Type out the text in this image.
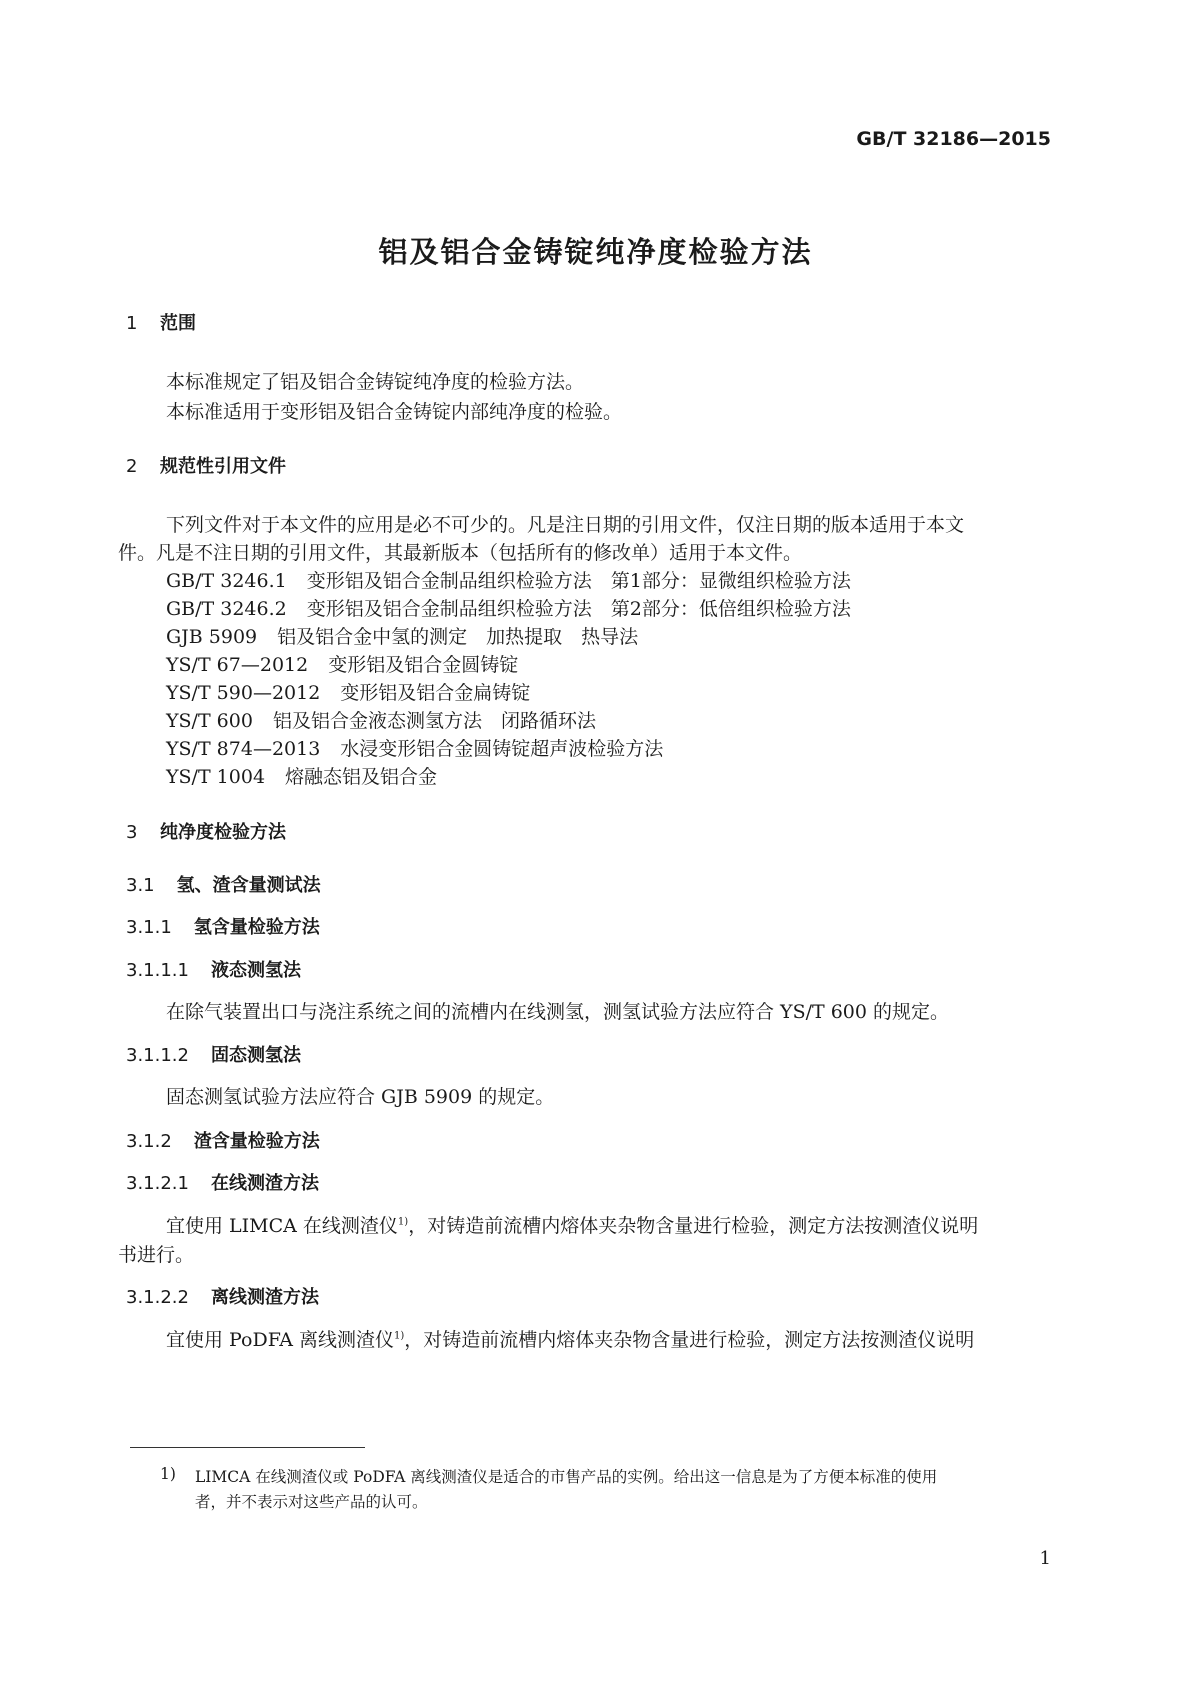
GB/T 32186—2015
铝及铝合金铸锭纯净度检验方法
1 范围
本标准规定了铝及铝合金铸锭纯净度的检验方法。
本标准适用于变形铝及铝合金铸锭内部纯净度的检验。
2 规范性引用文件
下列文件对于本文件的应用是必不可少的。凡是注日期的引用文件，仅注日期的版本适用于本文
件。凡是不注日期的引用文件，其最新版本（包括所有的修改单）适用于本文件。
GB/T 3246.1 变形铝及铝合金制品组织检验方法　第1部分：显微组织检验方法
GB/T 3246.2 变形铝及铝合金制品组织检验方法　第2部分：低倍组织检验方法
GJB 5909 铝及铝合金中氢的测定　加热提取　热导法
YS/T 67—2012 变形铝及铝合金圆铸锭
YS/T 590—2012 变形铝及铝合金扁铸锭
YS/T 600 铝及铝合金液态测氢方法　闭路循环法
YS/T 874—2013 水浸变形铝合金圆铸锭超声波检验方法
YS/T 1004 熔融态铝及铝合金
3 纯净度检验方法
3.1 氢、渣含量测试法
3.1.1 氢含量检验方法
3.1.1.1 液态测氢法
在除气装置出口与浇注系统之间的流槽内在线测氢，测氢试验方法应符合 YS/T 600 的规定。
3.1.1.2 固态测氢法
固态测氢试验方法应符合 GJB 5909 的规定。
3.1.2 渣含量检验方法
3.1.2.1 在线测渣方法
宜使用 LIMCA 在线测渣仪$^{1)}$，对铸造前流槽内熔体夹杂物含量进行检验，测定方法按测渣仪说明
书进行。
3.1.2.2 离线测渣方法
宜使用 PoDFA 离线测渣仪$^{1)}$，对铸造前流槽内熔体夹杂物含量进行检验，测定方法按测渣仪说明
1) LIMCA 在线测渣仪或 PoDFA 离线测渣仪是适合的市售产品的实例。给出这一信息是为了方便本标准的使用
者，并不表示对这些产品的认可。
1
